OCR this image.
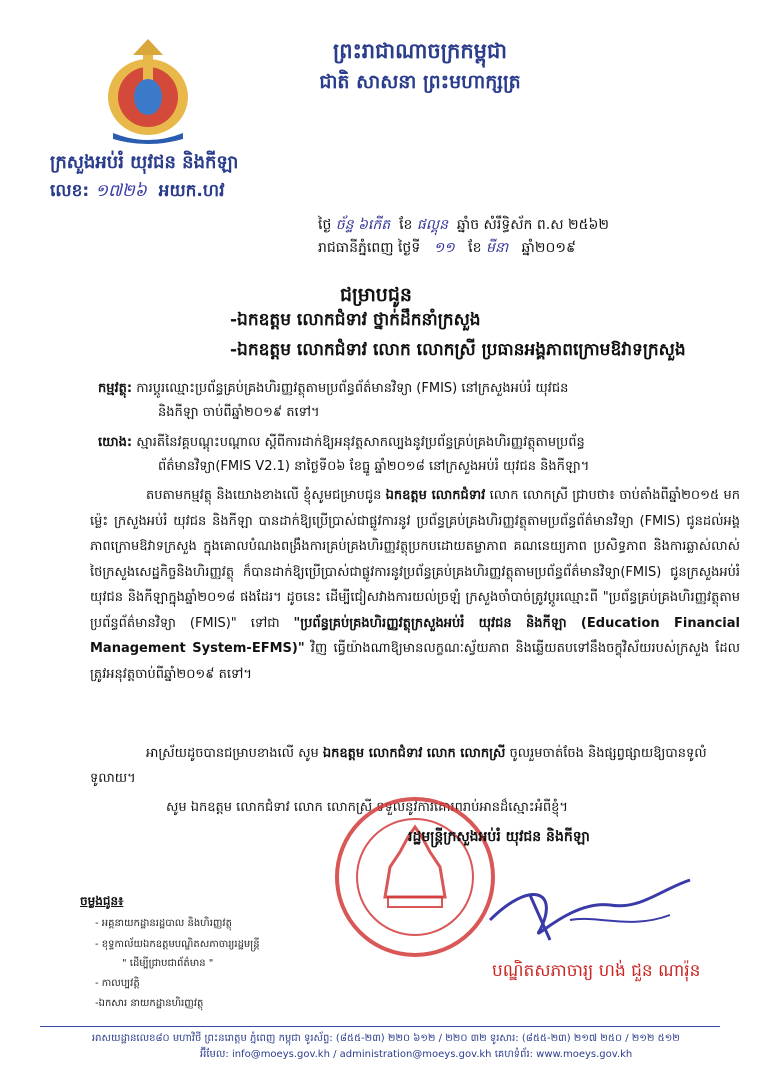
ព្រះរាជាណាចក្រកម្ពុជា
ជាតិ សាសនា ព្រះមហាក្សត្រ
ក្រសួងអប់រំ យុវជន និងកីឡា
លេខ: ១៧២៦ អយក.ហវ
ថ្ងៃ ច័ន្ទ ៦កើត ខែ ផល្គុន ឆ្នាំច សំរឹទ្ធិស័ក ព.ស ២៥៦២
រាជធានីភ្នំពេញ ថ្ងៃទី ១១ ខែ មីនា ឆ្នាំ២០១៩
ជម្រាបជូន
-ឯកឧត្តម លោកជំទាវ ថ្នាក់ដឹកនាំក្រសួង
-ឯកឧត្តម លោកជំទាវ លោក លោកស្រី ប្រធានអង្គភាពក្រោមឱវាទក្រសួង
កម្មវត្ថុ: ការប្តូរឈ្មោះប្រព័ន្ធគ្រប់គ្រងហិរញ្ញវត្ថុតាមប្រព័ន្ធព័ត៌មានវិទ្យា (FMIS) នៅក្រសួងអប់រំ យុវជន
និងកីឡា ចាប់ពីឆ្នាំ២០១៩ តទៅ។
យោង: ស្មារតីនៃវគ្គបណ្តុះបណ្តាល ស្តីពីការដាក់ឱ្យអនុវត្តសាកល្បងនូវប្រព័ន្ធគ្រប់គ្រងហិរញ្ញវត្ថុតាមប្រព័ន្ធ
ព័ត៌មានវិទ្យា(FMIS V2.1) នាថ្ងៃទី០៦ ខែធ្នូ ឆ្នាំ២០១៨ នៅក្រសួងអប់រំ យុវជន និងកីឡា។
តបតាមកម្មវត្ថុ និងយោងខាងលើ ខ្ញុំសូមជម្រាបជូន ឯកឧត្តម លោកជំទាវ លោក លោកស្រី ជ្រាបថា៖ ចាប់តាំងពីឆ្នាំ២០១៥ មកម្ល៉េះ ក្រសួងអប់រំ យុវជន និងកីឡា បានដាក់ឱ្យប្រើប្រាស់ជាផ្លូវការនូវ ប្រព័ន្ធគ្រប់គ្រងហិរញ្ញវត្ថុតាមប្រព័ន្ធព័ត៌មានវិទ្យា (FMIS) ជូនដល់អង្គភាពក្រោមឱវាទក្រសួង ក្នុងគោលបំណងពង្រឹងការគ្រប់គ្រងហិរញ្ញវត្ថុប្រកបដោយតម្លាភាព គណនេយ្យភាព ប្រសិទ្ធភាព និងការឆ្លាស់លាស់ ថៃក្រសួងសេដ្ឋកិច្ចនិងហិរញ្ញវត្ថុ ក៏បានដាក់ឱ្យប្រើប្រាស់ជាផ្លូវការនូវប្រព័ន្ធគ្រប់គ្រងហិរញ្ញវត្ថុតាមប្រព័ន្ធព័ត៌មានវិទ្យា(FMIS) ជូនក្រសួងអប់រំ យុវជន និងកីឡាក្នុងឆ្នាំ២០១៨ ផងដែរ។ ដូចនេះ ដើម្បីជៀសវាងការយល់ច្រឡំ ក្រសួងចាំបាច់ត្រូវប្តូរឈ្មោះពី "ប្រព័ន្ធគ្រប់គ្រងហិរញ្ញវត្ថុតាមប្រព័ន្ធព័ត៌មានវិទ្យា (FMIS)" ទៅជា "ប្រព័ន្ធគ្រប់គ្រងហិរញ្ញវត្ថុក្រសួងអប់រំ យុវជន និងកីឡា (Education Financial Management System-EFMS)" វិញ ធ្វើយ៉ាងណាឱ្យមានលក្ខណៈស្វ័យភាព និងឆ្លើយតបទៅនឹងចក្ខុវិស័យរបស់ក្រសួង ដែលត្រូវអនុវត្តចាប់ពីឆ្នាំ២០១៩ តទៅ។
អាស្រ័យដូចបានជម្រាបខាងលើ សូម ឯកឧត្តម លោកជំទាវ លោក លោកស្រី ចូលរួមចាត់ចែង និងផ្សព្វផ្សាយឱ្យបានទូលំទូលាយ។
សូម ឯកឧត្តម លោកជំទាវ លោក លោកស្រី ទទួលនូវការគោរពរាប់អានដ៏ស្មោះអំពីខ្ញុំ។
រដ្ឋមន្ត្រីក្រសួងអប់រំ យុវជន និងកីឡា
បណ្ឌិតសភាចារ្យ ហង់ ជួន ណារ៉ុន
ចម្លងជូន៖
- អគ្គនាយកដ្ឋានរដ្ឋបាល និងហិរញ្ញវត្ថុ
- ខុទ្ទកាល័យឯកឧត្តមបណ្ឌិតសភាចារ្យរដ្ឋមន្ត្រី
" ដើម្បីជ្រាបជាព័ត៌មាន "
- កាលប្បវត្តិ
-ឯកសារ នាយកដ្ឋានហិរញ្ញវត្ថុ
អាសយដ្ឋានលេខ៨០ មហាវិថី ព្រះនរោត្តម ភ្នំពេញ កម្ពុជា ទូរស័ព្ទ: (៨៥៥-២៣) ២២០ ៦១២ / ២២០ ៣២ ទូរសារ: (៨៥៥-២៣) ២១៧ ២៥០ / ២១២ ៥១២
អ៊ីមែល: info@moeys.gov.kh / administration@moeys.gov.kh គេហទំព័រ: www.moeys.gov.kh
